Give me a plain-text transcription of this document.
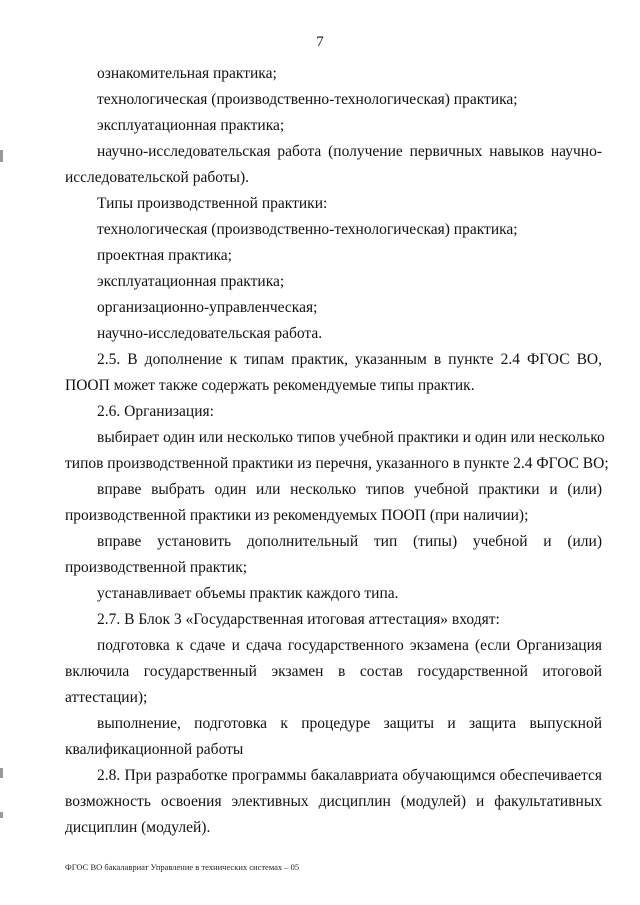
7
ознакомительная практика;
технологическая (производственно-технологическая) практика;
эксплуатационная практика;
научно-исследовательская работа (получение первичных навыков научно-
исследовательской работы).
Типы производственной практики:
технологическая (производственно-технологическая) практика;
проектная практика;
эксплуатационная практика;
организационно-управленческая;
научно-исследовательская работа.
2.5. В дополнение к типам практик, указанным в пункте 2.4 ФГОС ВО,
ПООП может также содержать рекомендуемые типы практик.
2.6. Организация:
выбирает один или несколько типов учебной практики и один или несколько
типов производственной практики из перечня, указанного в пункте 2.4 ФГОС ВО;
вправе выбрать один или несколько типов учебной практики и (или)
производственной практики из рекомендуемых ПООП (при наличии);
вправе установить дополнительный тип (типы) учебной и (или)
производственной практик;
устанавливает объемы практик каждого типа.
2.7. В Блок 3 «Государственная итоговая аттестация» входят:
подготовка к сдаче и сдача государственного экзамена (если Организация
включила государственный экзамен в состав государственной итоговой
аттестации);
выполнение, подготовка к процедуре защиты и защита выпускной
квалификационной работы
2.8. При разработке программы бакалавриата обучающимся обеспечивается
возможность освоения элективных дисциплин (модулей) и факультативных
дисциплин (модулей).
ФГОС ВО бакалавриат Управление в технических системах – 05
